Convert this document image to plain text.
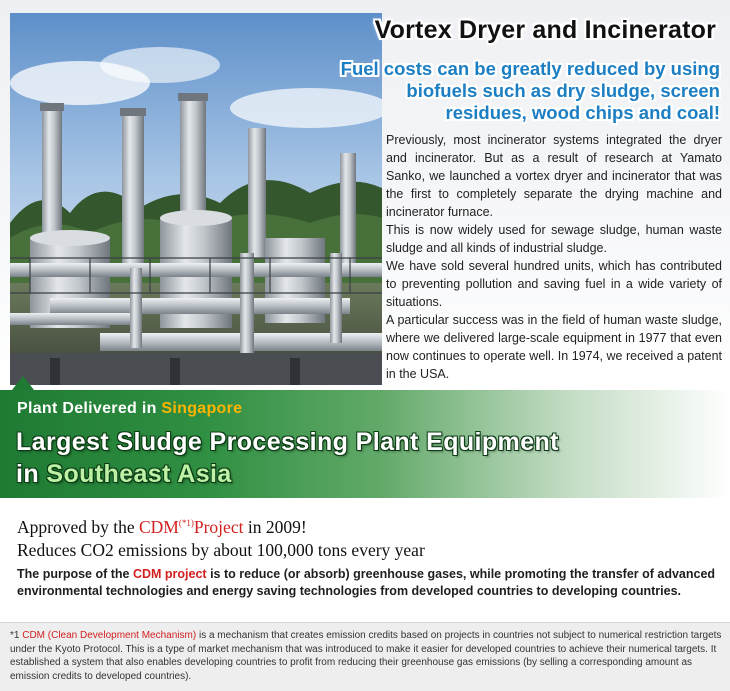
Vortex Dryer and Incinerator
Fuel costs can be greatly reduced by using biofuels such as dry sludge, screen residues, wood chips and coal!

Previously, most incinerator systems integrated the dryer and incinerator. But as a result of research at Yamato Sanko, we launched a vortex dryer and incinerator that was the first to completely separate the drying machine and incinerator furnace.

This is now widely used for sewage sludge, human waste sludge and all kinds of industrial sludge.

We have sold several hundred units, which has contributed to preventing pollution and saving fuel in a wide variety of situations.

A particular success was in the field of human waste sludge, where we delivered large-scale equipment in 1977 that even now continues to operate well. In 1974, we received a patent in the USA.

Plant Delivered in Singapore
Largest Sludge Processing Plant Equipment
in Southeast Asia
Approved by the $CDM^{(*1)}Project$ in 2009!
Reduces CO2 emissions by about 100,000 tons every year
The purpose of the CDM project is to reduce (or absorb) greenhouse gases, while promoting the transfer of advanced environmental technologies and energy saving technologies from developed countries to developing countries.
*1 CDM (Clean Development Mechanism) is a mechanism that creates emission credits based on projects in countries not subject to numerical restriction targets under the Kyoto Protocol. This is a type of market mechanism that was introduced to make it easier for developed countries to achieve their numerical targets. It established a system that also enables developing countries to profit from reducing their greenhouse gas emissions (by selling a corresponding amount as emission credits to developed countries).
